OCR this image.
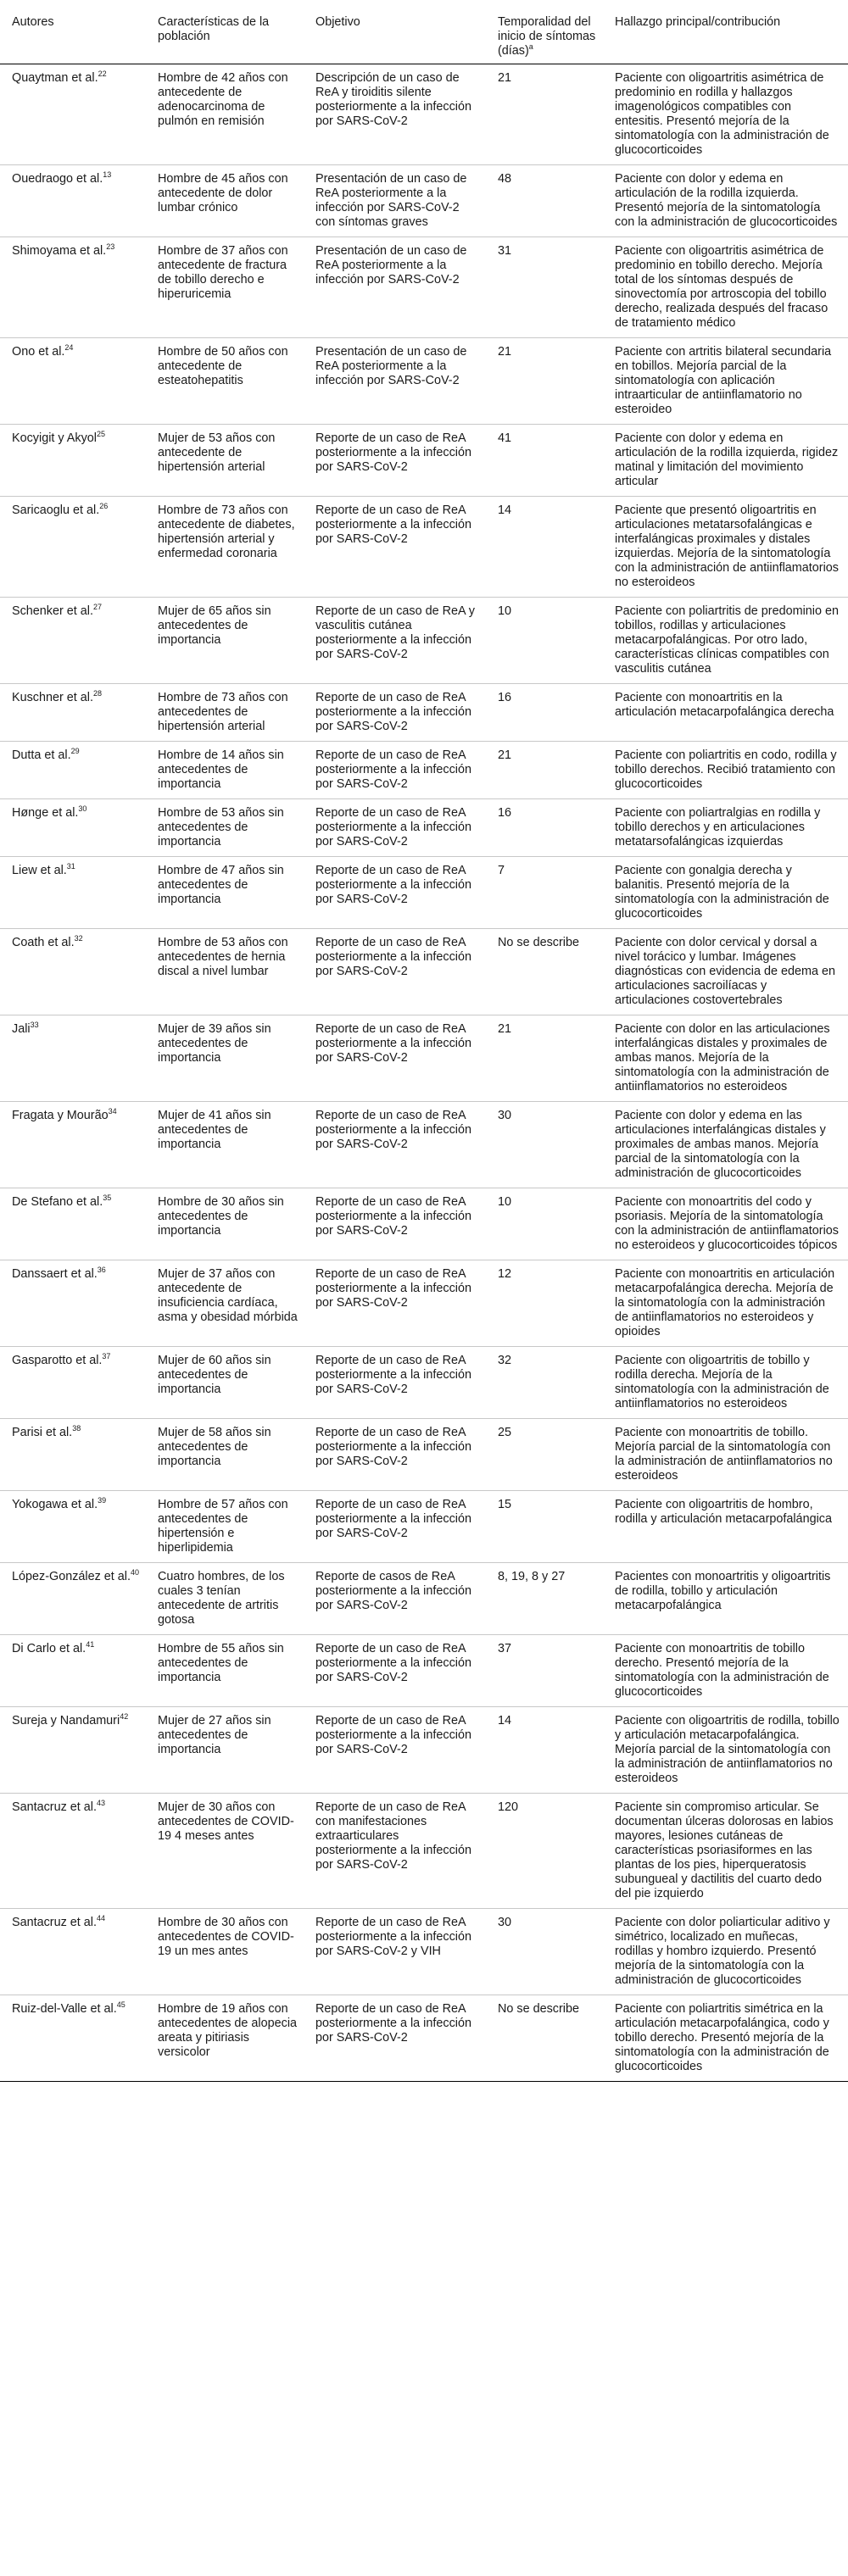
Autores	Características de la población	Objetivo	Temporalidad del inicio de síntomas (días)$^a$	Hallazgo principal/contribución
Quaytman et al.$^{22}$	Hombre de 42 años con antecedente de adenocarcinoma de pulmón en remisión	Descripción de un caso de ReA y tiroiditis silente posteriormente a la infección por SARS-CoV-2	21	Paciente con oligoartritis asimétrica de predominio en rodilla y hallazgos imagenológicos compatibles con entesitis. Presentó mejoría de la sintomatología con la administración de glucocorticoides
Ouedraogo et al.$^{13}$	Hombre de 45 años con antecedente de dolor lumbar crónico	Presentación de un caso de ReA posteriormente a la infección por SARS-CoV-2 con síntomas graves	48	Paciente con dolor y edema en articulación de la rodilla izquierda. Presentó mejoría de la sintomatología con la administración de glucocorticoides
Shimoyama et al.$^{23}$	Hombre de 37 años con antecedente de fractura de tobillo derecho e hiperuricemia	Presentación de un caso de ReA posteriormente a la infección por SARS-CoV-2	31	Paciente con oligoartritis asimétrica de predominio en tobillo derecho. Mejoría total de los síntomas después de sinovectomía por artroscopia del tobillo derecho, realizada después del fracaso de tratamiento médico
Ono et al.$^{24}$	Hombre de 50 años con antecedente de esteatohepatitis	Presentación de un caso de ReA posteriormente a la infección por SARS-CoV-2	21	Paciente con artritis bilateral secundaria en tobillos. Mejoría parcial de la sintomatología con aplicación intraarticular de antiinflamatorio no esteroideo
Kocyigit y Akyol$^{25}$	Mujer de 53 años con antecedente de hipertensión arterial	Reporte de un caso de ReA posteriormente a la infección por SARS-CoV-2	41	Paciente con dolor y edema en articulación de la rodilla izquierda, rigidez matinal y limitación del movimiento articular
Saricaoglu et al.$^{26}$	Hombre de 73 años con antecedente de diabetes, hipertensión arterial y enfermedad coronaria	Reporte de un caso de ReA posteriormente a la infección por SARS-CoV-2	14	Paciente que presentó oligoartritis en articulaciones metatarsofalángicas e interfalángicas proximales y distales izquierdas. Mejoría de la sintomatología con la administración de antiinflamatorios no esteroideos
Schenker et al.$^{27}$	Mujer de 65 años sin antecedentes de importancia	Reporte de un caso de ReA y vasculitis cutánea posteriormente a la infección por SARS-CoV-2	10	Paciente con poliartritis de predominio en tobillos, rodillas y articulaciones metacarpofalángicas. Por otro lado, características clínicas compatibles con vasculitis cutánea
Kuschner et al.$^{28}$	Hombre de 73 años con antecedentes de hipertensión arterial	Reporte de un caso de ReA posteriormente a la infección por SARS-CoV-2	16	Paciente con monoartritis en la articulación metacarpofalángica derecha
Dutta et al.$^{29}$	Hombre de 14 años sin antecedentes de importancia	Reporte de un caso de ReA posteriormente a la infección por SARS-CoV-2	21	Paciente con poliartritis en codo, rodilla y tobillo derechos. Recibió tratamiento con glucocorticoides
Hønge et al.$^{30}$	Hombre de 53 años sin antecedentes de importancia	Reporte de un caso de ReA posteriormente a la infección por SARS-CoV-2	16	Paciente con poliartralgias en rodilla y tobillo derechos y en articulaciones metatarsofalángicas izquierdas
Liew et al.$^{31}$	Hombre de 47 años sin antecedentes de importancia	Reporte de un caso de ReA posteriormente a la infección por SARS-CoV-2	7	Paciente con gonalgia derecha y balanitis. Presentó mejoría de la sintomatología con la administración de glucocorticoides
Coath et al.$^{32}$	Hombre de 53 años con antecedentes de hernia discal a nivel lumbar	Reporte de un caso de ReA posteriormente a la infección por SARS-CoV-2	No se describe	Paciente con dolor cervical y dorsal a nivel torácico y lumbar. Imágenes diagnósticas con evidencia de edema en articulaciones sacroilíacas y articulaciones costovertebrales
Jali$^{33}$	Mujer de 39 años sin antecedentes de importancia	Reporte de un caso de ReA posteriormente a la infección por SARS-CoV-2	21	Paciente con dolor en las articulaciones interfalángicas distales y proximales de ambas manos. Mejoría de la sintomatología con la administración de antiinflamatorios no esteroideos
Fragata y Mourão$^{34}$	Mujer de 41 años sin antecedentes de importancia	Reporte de un caso de ReA posteriormente a la infección por SARS-CoV-2	30	Paciente con dolor y edema en las articulaciones interfalángicas distales y proximales de ambas manos. Mejoría parcial de la sintomatología con la administración de glucocorticoides
De Stefano et al.$^{35}$	Hombre de 30 años sin antecedentes de importancia	Reporte de un caso de ReA posteriormente a la infección por SARS-CoV-2	10	Paciente con monoartritis del codo y psoriasis. Mejoría de la sintomatología con la administración de antiinflamatorios no esteroideos y glucocorticoides tópicos
Danssaert et al.$^{36}$	Mujer de 37 años con antecedente de insuficiencia cardíaca, asma y obesidad mórbida	Reporte de un caso de ReA posteriormente a la infección por SARS-CoV-2	12	Paciente con monoartritis en articulación metacarpofalángica derecha. Mejoría de la sintomatología con la administración de antiinflamatorios no esteroideos y opioides
Gasparotto et al.$^{37}$	Mujer de 60 años sin antecedentes de importancia	Reporte de un caso de ReA posteriormente a la infección por SARS-CoV-2	32	Paciente con oligoartritis de tobillo y rodilla derecha. Mejoría de la sintomatología con la administración de antiinflamatorios no esteroideos
Parisi et al.$^{38}$	Mujer de 58 años sin antecedentes de importancia	Reporte de un caso de ReA posteriormente a la infección por SARS-CoV-2	25	Paciente con monoartritis de tobillo. Mejoría parcial de la sintomatología con la administración de antiinflamatorios no esteroideos
Yokogawa et al.$^{39}$	Hombre de 57 años con antecedentes de hipertensión e hiperlipidemia	Reporte de un caso de ReA posteriormente a la infección por SARS-CoV-2	15	Paciente con oligoartritis de hombro, rodilla y articulación metacarpofalángica
López-González et al.$^{40}$	Cuatro hombres, de los cuales 3 tenían antecedente de artritis gotosa	Reporte de casos de ReA posteriormente a la infección por SARS-CoV-2	8, 19, 8 y 27	Pacientes con monoartritis y oligoartritis de rodilla, tobillo y articulación metacarpofalángica
Di Carlo et al.$^{41}$	Hombre de 55 años sin antecedentes de importancia	Reporte de un caso de ReA posteriormente a la infección por SARS-CoV-2	37	Paciente con monoartritis de tobillo derecho. Presentó mejoría de la sintomatología con la administración de glucocorticoides
Sureja y Nandamuri$^{42}$	Mujer de 27 años sin antecedentes de importancia	Reporte de un caso de ReA posteriormente a la infección por SARS-CoV-2	14	Paciente con oligoartritis de rodilla, tobillo y articulación metacarpofalángica. Mejoría parcial de la sintomatología con la administración de antiinflamatorios no esteroideos
Santacruz et al.$^{43}$	Mujer de 30 años con antecedentes de COVID-19 4 meses antes	Reporte de un caso de ReA con manifestaciones extraarticulares posteriormente a la infección por SARS-CoV-2	120	Paciente sin compromiso articular. Se documentan úlceras dolorosas en labios mayores, lesiones cutáneas de características psoriasiformes en las plantas de los pies, hiperqueratosis subungueal y dactilitis del cuarto dedo del pie izquierdo
Santacruz et al.$^{44}$	Hombre de 30 años con antecedentes de COVID-19 un mes antes	Reporte de un caso de ReA posteriormente a la infección por SARS-CoV-2 y VIH	30	Paciente con dolor poliarticular aditivo y simétrico, localizado en muñecas, rodillas y hombro izquierdo. Presentó mejoría de la sintomatología con la administración de glucocorticoides
Ruiz-del-Valle et al.$^{45}$	Hombre de 19 años con antecedentes de alopecia areata y pitiriasis versicolor	Reporte de un caso de ReA posteriormente a la infección por SARS-CoV-2	No se describe	Paciente con poliartritis simétrica en la articulación metacarpofalángica, codo y tobillo derecho. Presentó mejoría de la sintomatología con la administración de glucocorticoides
